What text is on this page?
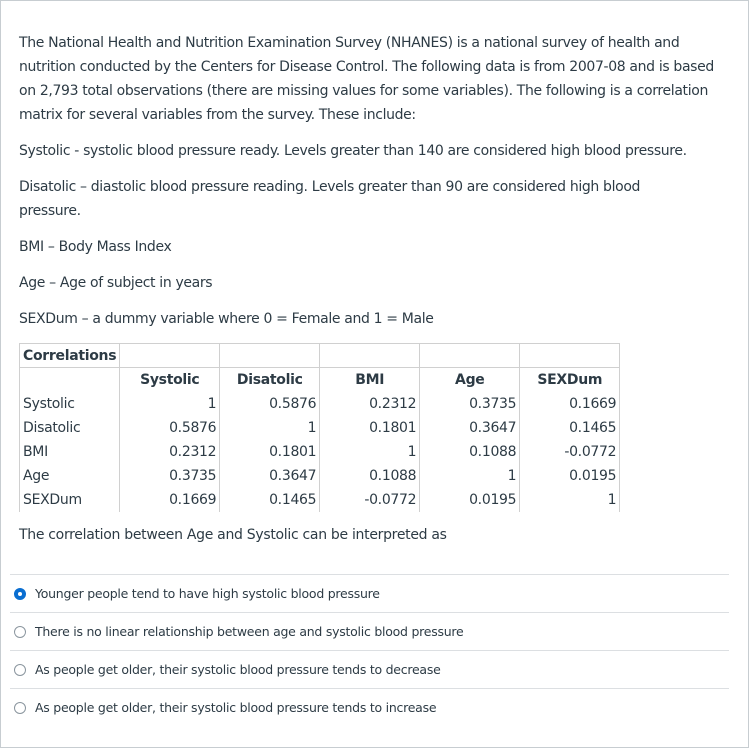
The National Health and Nutrition Examination Survey (NHANES) is a national survey of health and nutrition conducted by the Centers for Disease Control. The following data is from 2007-08 and is based on 2,793 total observations (there are missing values for some variables). The following is a correlation matrix for several variables from the survey. These include:
Systolic - systolic blood pressure ready. Levels greater than 140 are considered high blood pressure.
Disatolic – diastolic blood pressure reading. Levels greater than 90 are considered high blood pressure.
BMI – Body Mass Index
Age – Age of subject in years
SEXDum – a dummy variable where 0 = Female and 1 = Male
Correlations					
	Systolic	Disatolic	BMI	Age	SEXDum
Systolic	1	0.5876	0.2312	0.3735	0.1669
Disatolic	0.5876	1	0.1801	0.3647	0.1465
BMI	0.2312	0.1801	1	0.1088	-0.0772
Age	0.3735	0.3647	0.1088	1	0.0195
SEXDum	0.1669	0.1465	-0.0772	0.0195	1
The correlation between Age and Systolic can be interpreted as
Younger people tend to have high systolic blood pressure
There is no linear relationship between age and systolic blood pressure
As people get older, their systolic blood pressure tends to decrease
As people get older, their systolic blood pressure tends to increase
